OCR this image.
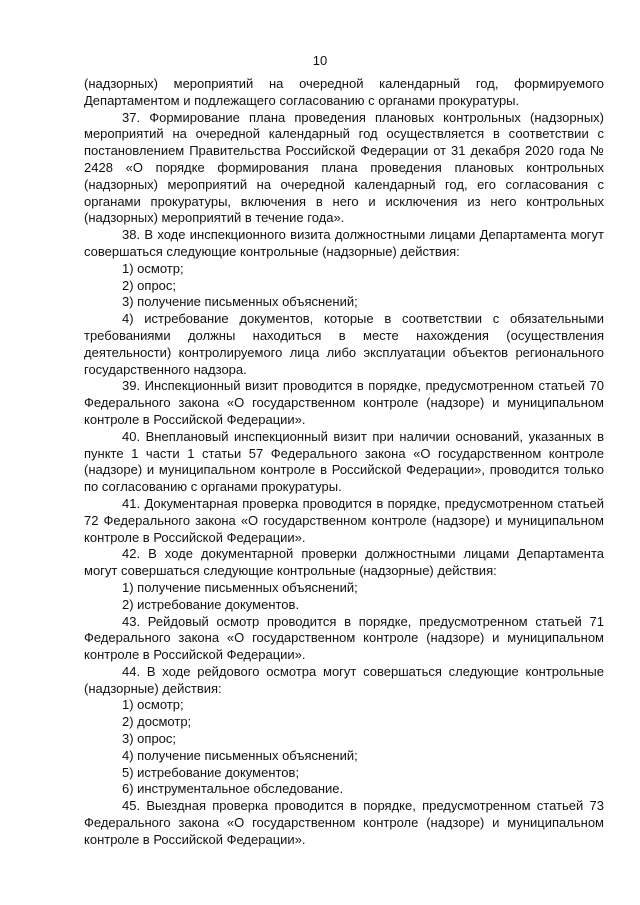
10

(надзорных) мероприятий на очередной календарный год, формируемого Департаментом и подлежащего согласованию с органами прокуратуры.

37. Формирование плана проведения плановых контрольных (надзорных) мероприятий на очередной календарный год осуществляется в соответствии с постановлением Правительства Российской Федерации от 31 декабря 2020 года № 2428 «О порядке формирования плана проведения плановых контрольных (надзорных) мероприятий на очередной календарный год, его согласования с органами прокуратуры, включения в него и исключения из него контрольных (надзорных) мероприятий в течение года».

38. В ходе инспекционного визита должностными лицами Департамента могут совершаться следующие контрольные (надзорные) действия:

1) осмотр;

2) опрос;

3) получение письменных объяснений;

4) истребование документов, которые в соответствии с обязательными требованиями должны находиться в месте нахождения (осуществления деятельности) контролируемого лица либо эксплуатации объектов регионального государственного надзора.

39. Инспекционный визит проводится в порядке, предусмотренном статьей 70 Федерального закона «О государственном контроле (надзоре) и муниципальном контроле в Российской Федерации».

40. Внеплановый инспекционный визит при наличии оснований, указанных в пункте 1 части 1 статьи 57 Федерального закона «О государственном контроле (надзоре) и муниципальном контроле в Российской Федерации», проводится только по согласованию с органами прокуратуры.

41. Документарная проверка проводится в порядке, предусмотренном статьей 72 Федерального закона «О государственном контроле (надзоре) и муниципальном контроле в Российской Федерации».

42. В ходе документарной проверки должностными лицами Департамента могут совершаться следующие контрольные (надзорные) действия:

1) получение письменных объяснений;

2) истребование документов.

43. Рейдовый осмотр проводится в порядке, предусмотренном статьей 71 Федерального закона «О государственном контроле (надзоре) и муниципальном контроле в Российской Федерации».

44. В ходе рейдового осмотра могут совершаться следующие контрольные (надзорные) действия:

1) осмотр;

2) досмотр;

3) опрос;

4) получение письменных объяснений;

5) истребование документов;

6) инструментальное обследование.

45. Выездная проверка проводится в порядке, предусмотренном статьей 73 Федерального закона «О государственном контроле (надзоре) и муниципальном контроле в Российской Федерации».
